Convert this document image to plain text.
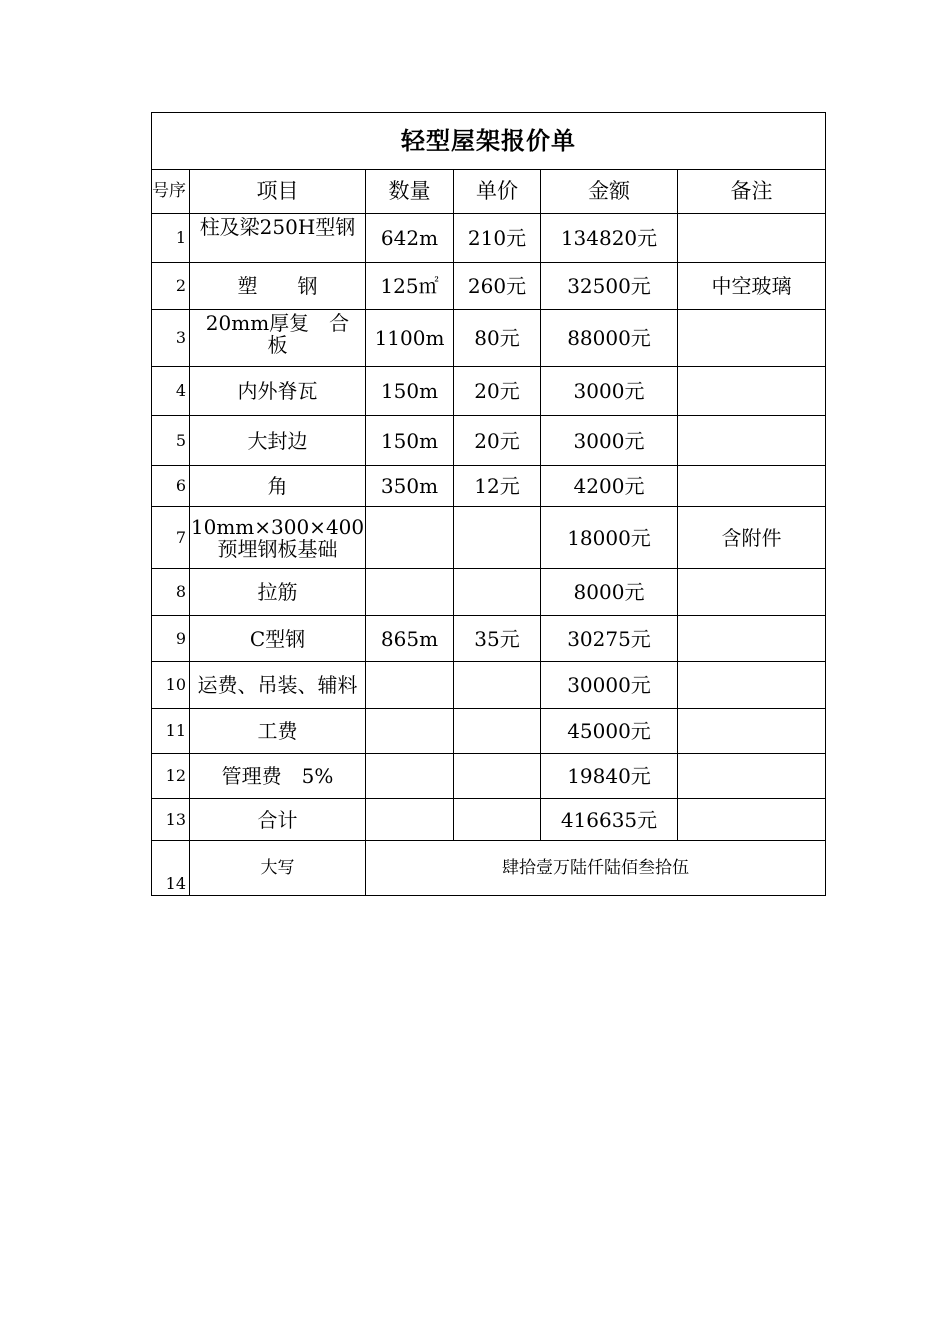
轻型屋架报价单					
号序	项目	数量	单价	金额	备注
1	柱及梁250H型钢	642m	210元	134820元	
2	塑　　钢	125㎡	260元	32500元	中空玻璃
3	20mm厚复　合　板	1100m	80元	88000元	
4	内外脊瓦	150m	20元	3000元	
5	大封边	150m	20元	3000元	
6	角	350m	12元	4200元	
7	10mm×300×400 预埋钢板基础			18000元	含附件
8	拉筋			8000元	
9	C型钢	865m	35元	30275元	
10	运费、吊装、辅料			30000元	
11	工费			45000元	
12	管理费　5%			19840元	
13	合计			416635元	
14	大写	肆拾壹万陆仟陆佰叁拾伍			
